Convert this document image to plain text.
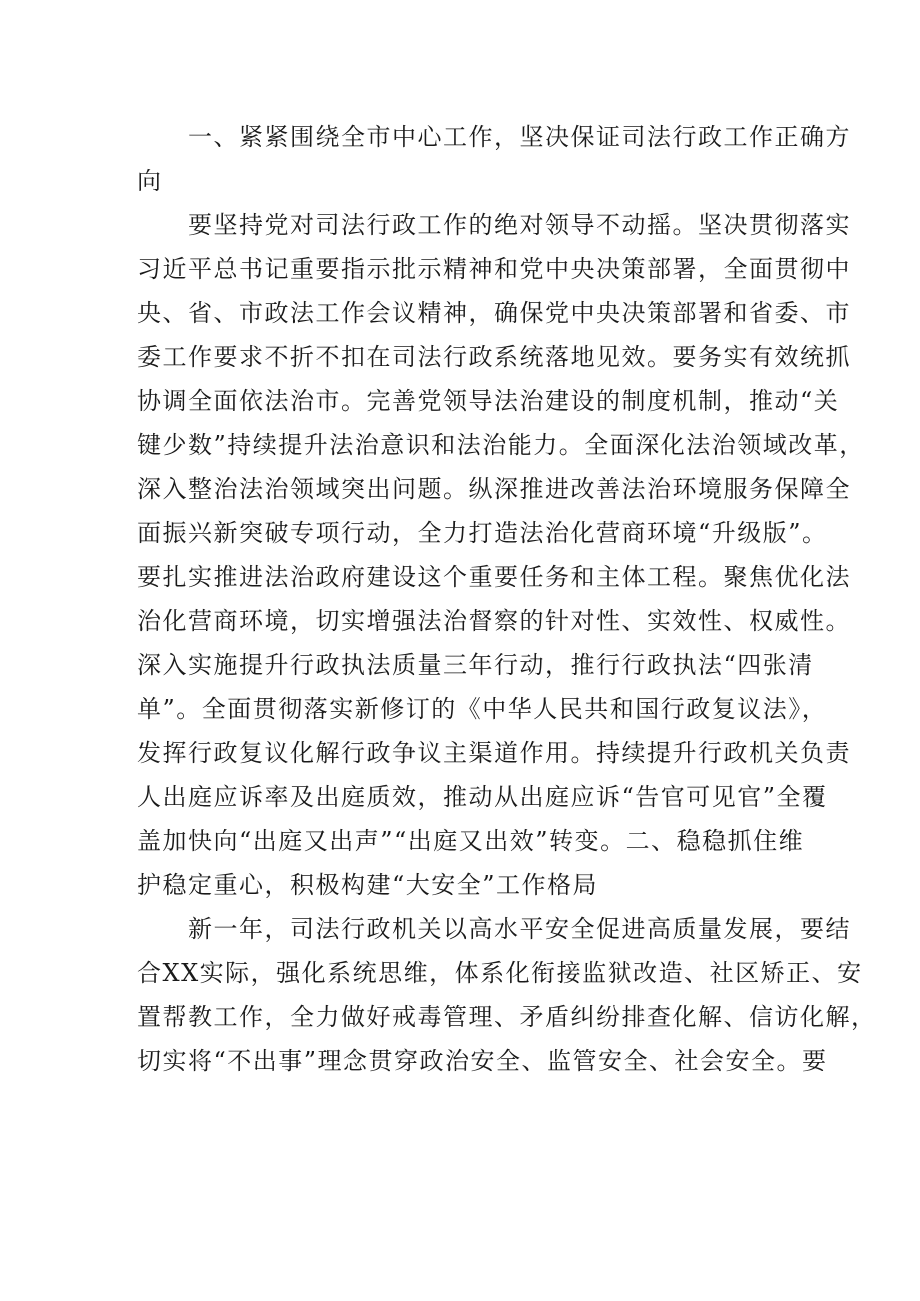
　　一、紧紧围绕全市中心工作，坚决保证司法行政工作正确方
向
　　要坚持党对司法行政工作的绝对领导不动摇。坚决贯彻落实
习近平总书记重要指示批示精神和党中央决策部署，全面贯彻中
央、省、市政法工作会议精神，确保党中央决策部署和省委、市
委工作要求不折不扣在司法行政系统落地见效。要务实有效统抓
协调全面依法治市。完善党领导法治建设的制度机制，推动“关
键少数”持续提升法治意识和法治能力。全面深化法治领域改革，
深入整治法治领域突出问题。纵深推进改善法治环境服务保障全
面振兴新突破专项行动，全力打造法治化营商环境“升级版”。
要扎实推进法治政府建设这个重要任务和主体工程。聚焦优化法
治化营商环境，切实增强法治督察的针对性、实效性、权威性。
深入实施提升行政执法质量三年行动，推行行政执法“四张清
单”。全面贯彻落实新修订的《中华人民共和国行政复议法》，
发挥行政复议化解行政争议主渠道作用。持续提升行政机关负责
人出庭应诉率及出庭质效，推动从出庭应诉“告官可见官”全覆
盖加快向“出庭又出声”“出庭又出效”转变。二、稳稳抓住维
护稳定重心，积极构建“大安全”工作格局
　　新一年，司法行政机关以高水平安全促进高质量发展，要结
合XX实际，强化系统思维，体系化衔接监狱改造、社区矫正、安
置帮教工作，全力做好戒毒管理、矛盾纠纷排查化解、信访化解，
切实将“不出事”理念贯穿政治安全、监管安全、社会安全。要
